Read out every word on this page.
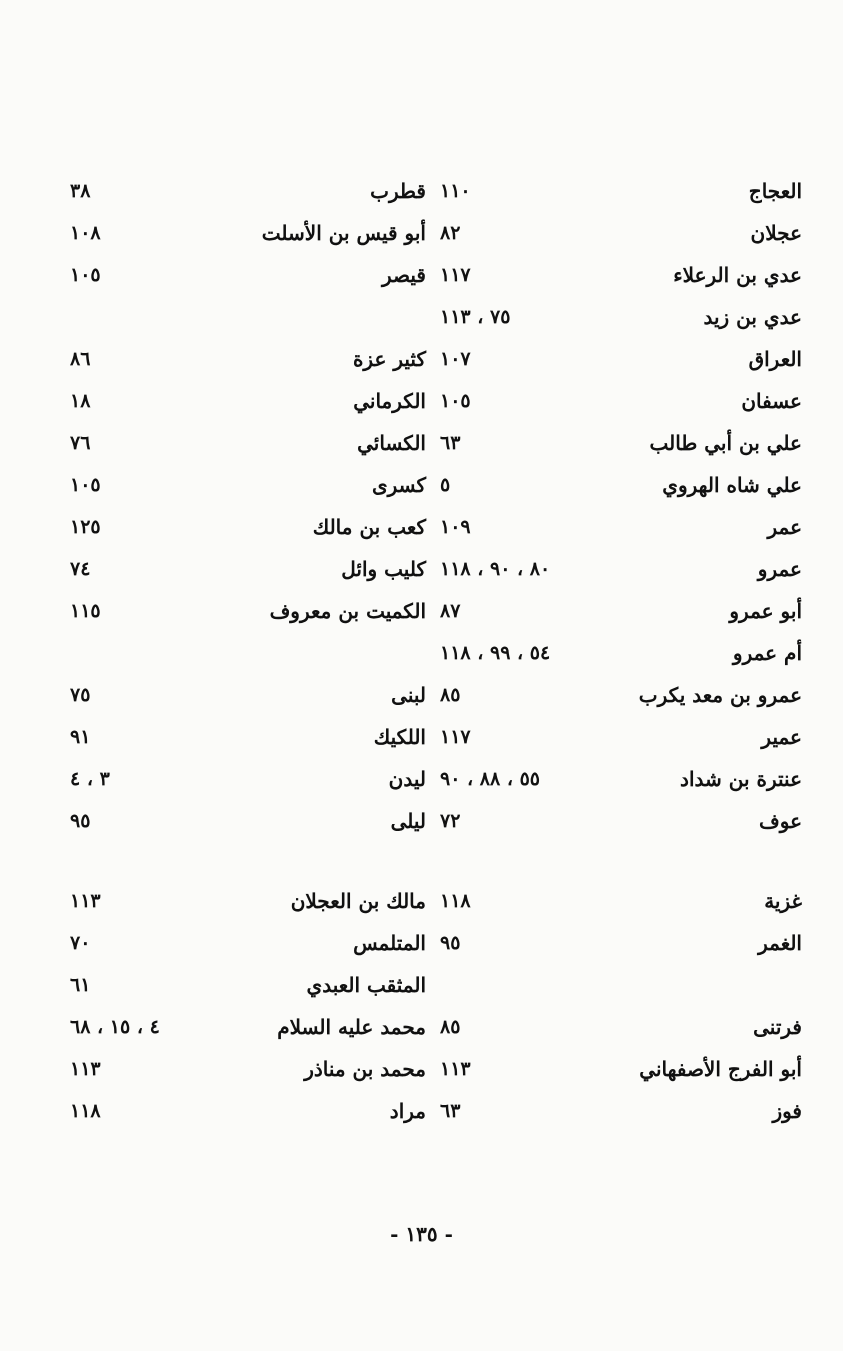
العجاج
١١٠
عجلان
٨٢
عدي بن الرعلاء
١١٧
عدي بن زيد
٧٥ ، ١١٣
العراق
١٠٧
عسفان
١٠٥
علي بن أبي طالب
٦٣
علي شاه الهروي
٥
عمر
١٠٩
عمرو
٨٠ ، ٩٠ ، ١١٨
أبو عمرو
٨٧
أم عمرو
٥٤ ، ٩٩ ، ١١٨
عمرو بن معد يكرب
٨٥
عمير
١١٧
عنترة بن شداد
٥٥ ، ٨٨ ، ٩٠
عوف
٧٢
غزية
١١٨
الغمر
٩٥
فرتنى
٨٥
أبو الفرج الأصفهاني
١١٣
فوز
٦٣
قطرب
٣٨
أبو قيس بن الأسلت
١٠٨
قيصر
١٠٥
كثير عزة
٨٦
الكرماني
١٨
الكسائي
٧٦
كسرى
١٠٥
كعب بن مالك
١٢٥
كليب وائل
٧٤
الكميت بن معروف
١١٥
لبنى
٧٥
اللكيك
٩١
ليدن
٣ ، ٤
ليلى
٩٥
مالك بن العجلان
١١٣
المتلمس
٧٠
المثقب العبدي
٦١
محمد عليه السلام
٤ ، ١٥ ، ٦٨
محمد بن مناذر
١١٣
مراد
١١٨
- ١٣٥ -
